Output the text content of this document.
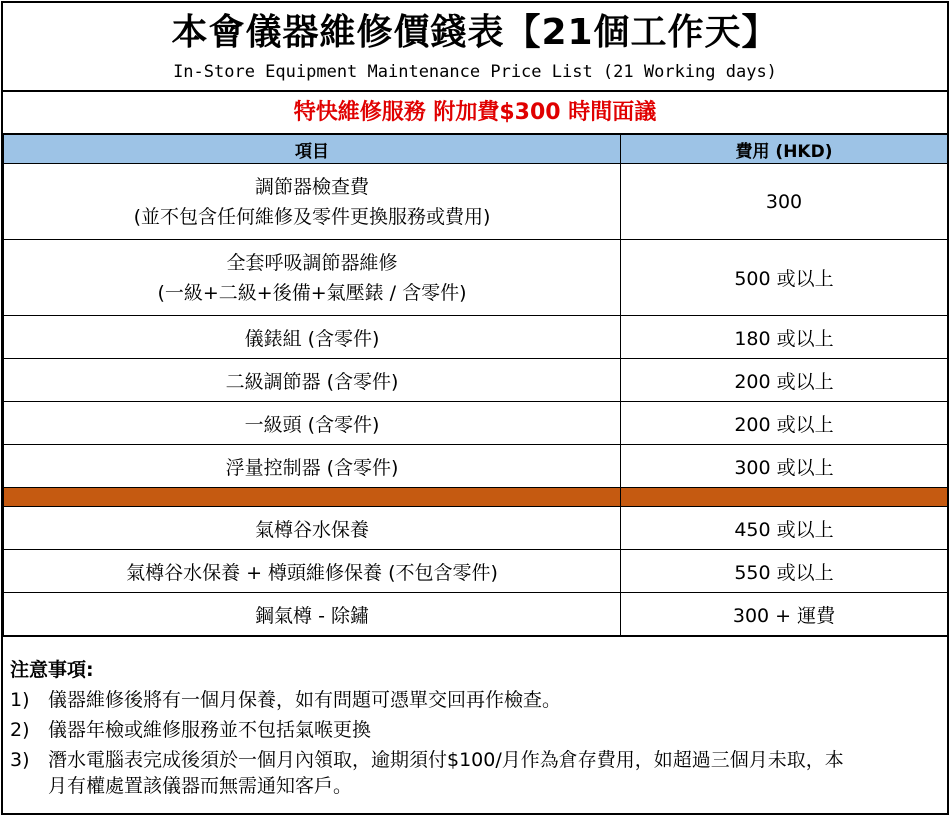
本會儀器維修價錢表【21個工作天】
In-Store Equipment Maintenance Price List (21 Working days)
特快維修服務 附加費$300 時間面議
項目	費用 (HKD)

調節器檢查費
(並不包含任何維修及零件更換服務或費用)	300

全套呼吸調節器維修
(一級+二級+後備+氣壓錶 / 含零件)	500 或以上
儀錶組 (含零件)	180 或以上
二級調節器 (含零件)	200 或以上
一級頭 (含零件)	200 或以上
浮量控制器 (含零件)	300 或以上

氣樽谷水保養	450 或以上
氣樽谷水保養 + 樽頭維修保養 (不包含零件)	550 或以上
鋼氣樽 - 除鏽	300 + 運費
注意事項:
1) 儀器維修後將有一個月保養，如有問題可憑單交回再作檢查。
2) 儀器年檢或維修服務並不包括氣喉更換
3) 潛水電腦表完成後須於一個月內領取，逾期須付$100/月作為倉存費用，如超過三個月未取，本月有權處置該儀器而無需通知客戶。
